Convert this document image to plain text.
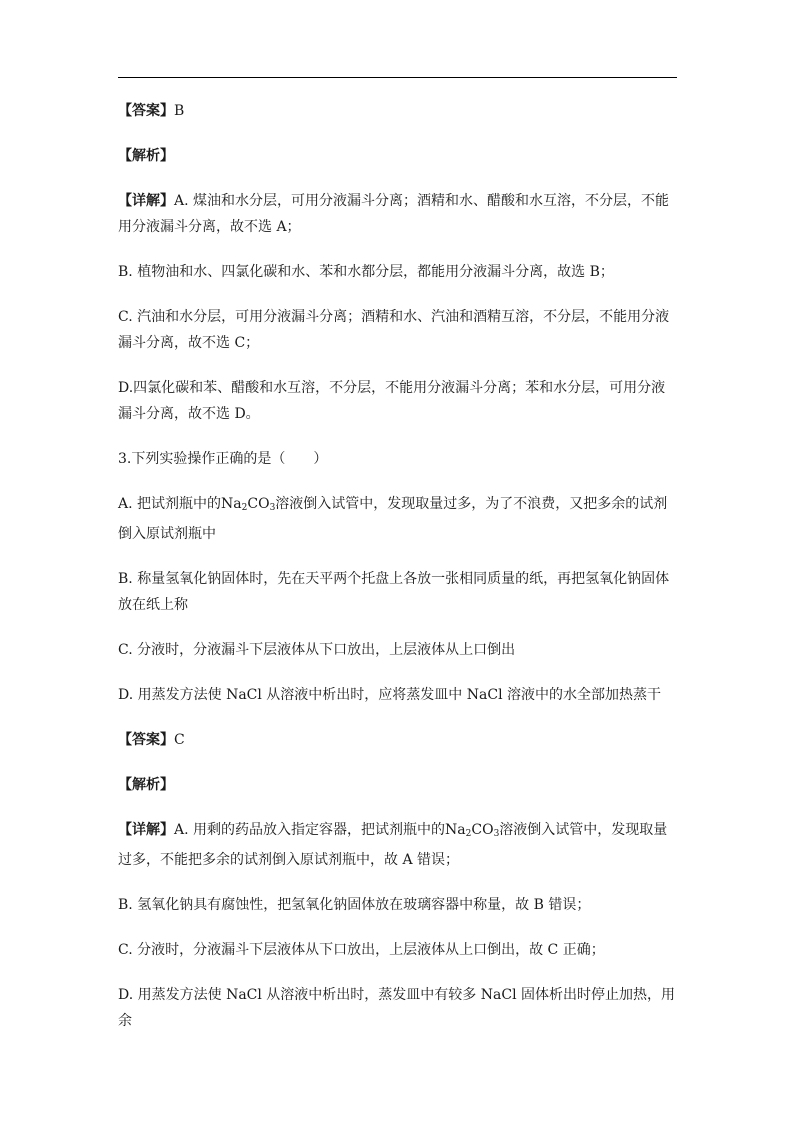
【答案】B

【解析】

【详解】A. 煤油和水分层，可用分液漏斗分离；酒精和水、醋酸和水互溶，不分层，不能用分液漏斗分离，故不选 A；

B. 植物油和水、四氯化碳和水、苯和水都分层，都能用分液漏斗分离，故选 B；

C. 汽油和水分层，可用分液漏斗分离；酒精和水、汽油和酒精互溶，不分层，不能用分液漏斗分离，故不选 C；

D.四氯化碳和苯、醋酸和水互溶，不分层，不能用分液漏斗分离；苯和水分层，可用分液漏斗分离，故不选 D。

3.下列实验操作正确的是（　　）

A. 把试剂瓶中的$Na_2CO_3$溶液倒入试管中，发现取量过多，为了不浪费，又把多余的试剂倒入原试剂瓶中

B. 称量氢氧化钠固体时，先在天平两个托盘上各放一张相同质量的纸，再把氢氧化钠固体放在纸上称

C. 分液时，分液漏斗下层液体从下口放出，上层液体从上口倒出

D. 用蒸发方法使 NaCl 从溶液中析出时，应将蒸发皿中 NaCl 溶液中的水全部加热蒸干

【答案】C

【解析】

【详解】A. 用剩的药品放入指定容器，把试剂瓶中的$Na_2CO_3$溶液倒入试管中，发现取量过多，不能把多余的试剂倒入原试剂瓶中，故 A 错误；

B. 氢氧化钠具有腐蚀性，把氢氧化钠固体放在玻璃容器中称量，故 B 错误；

C. 分液时，分液漏斗下层液体从下口放出，上层液体从上口倒出，故 C 正确；

D. 用蒸发方法使 NaCl 从溶液中析出时，蒸发皿中有较多 NaCl 固体析出时停止加热，用余
